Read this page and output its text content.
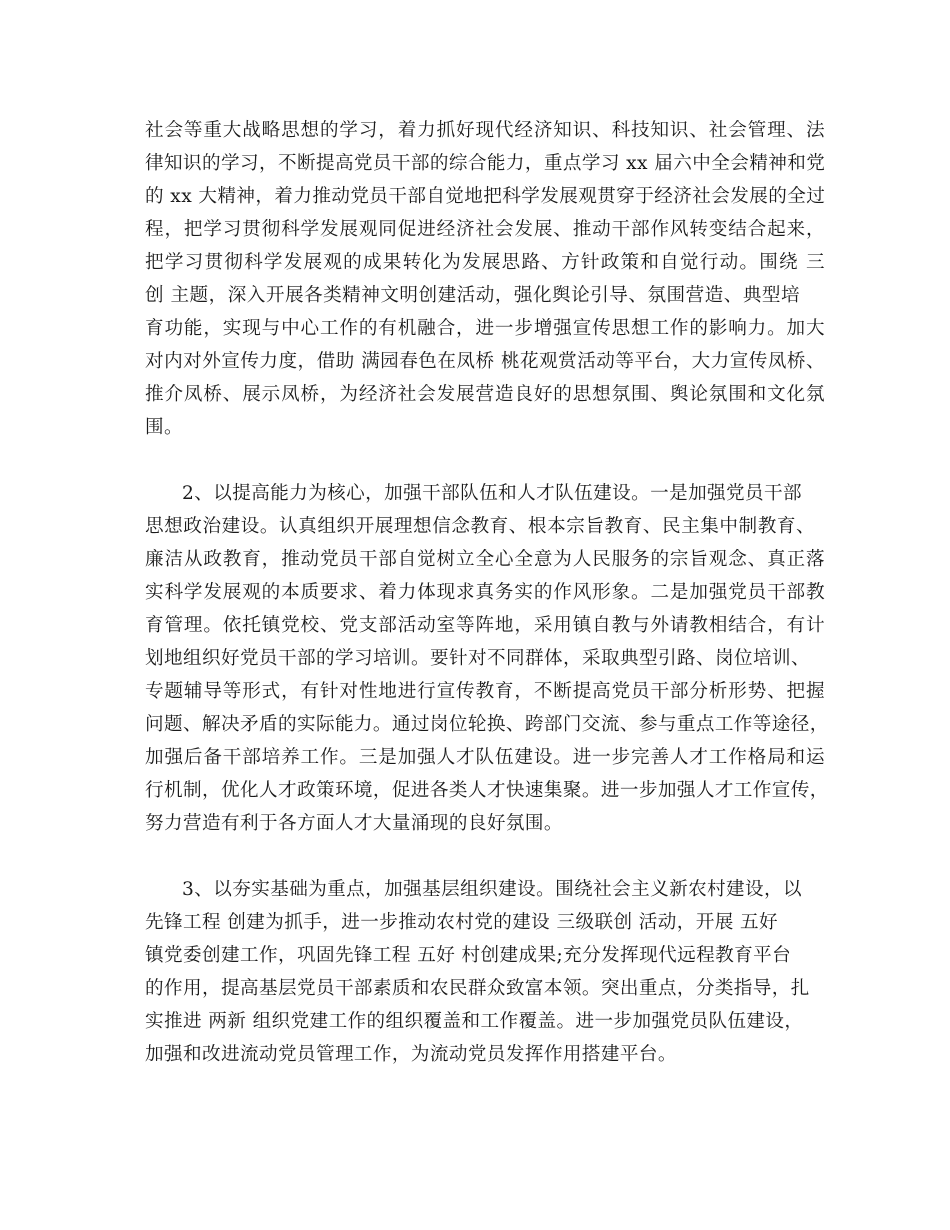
社会等重大战略思想的学习，着力抓好现代经济知识、科技知识、社会管理、法
律知识的学习，不断提高党员干部的综合能力，重点学习 xx 届六中全会精神和党
的 xx 大精神，着力推动党员干部自觉地把科学发展观贯穿于经济社会发展的全过
程，把学习贯彻科学发展观同促进经济社会发展、推动干部作风转变结合起来，
把学习贯彻科学发展观的成果转化为发展思路、方针政策和自觉行动。围绕 三
创 主题，深入开展各类精神文明创建活动，强化舆论引导、氛围营造、典型培
育功能，实现与中心工作的有机融合，进一步增强宣传思想工作的影响力。加大
对内对外宣传力度，借助 满园春色在凤桥 桃花观赏活动等平台，大力宣传凤桥、
推介凤桥、展示凤桥，为经济社会发展营造良好的思想氛围、舆论氛围和文化氛
围。
2、以提高能力为核心，加强干部队伍和人才队伍建设。一是加强党员干部
思想政治建设。认真组织开展理想信念教育、根本宗旨教育、民主集中制教育、
廉洁从政教育，推动党员干部自觉树立全心全意为人民服务的宗旨观念、真正落
实科学发展观的本质要求、着力体现求真务实的作风形象。二是加强党员干部教
育管理。依托镇党校、党支部活动室等阵地，采用镇自教与外请教相结合，有计
划地组织好党员干部的学习培训。要针对不同群体，采取典型引路、岗位培训、
专题辅导等形式，有针对性地进行宣传教育，不断提高党员干部分析形势、把握
问题、解决矛盾的实际能力。通过岗位轮换、跨部门交流、参与重点工作等途径，
加强后备干部培养工作。三是加强人才队伍建设。进一步完善人才工作格局和运
行机制，优化人才政策环境，促进各类人才快速集聚。进一步加强人才工作宣传，
努力营造有利于各方面人才大量涌现的良好氛围。
3、以夯实基础为重点，加强基层组织建设。围绕社会主义新农村建设，以
先锋工程 创建为抓手，进一步推动农村党的建设 三级联创 活动，开展 五好
镇党委创建工作，巩固先锋工程 五好 村创建成果;充分发挥现代远程教育平台
的作用，提高基层党员干部素质和农民群众致富本领。突出重点，分类指导，扎
实推进 两新 组织党建工作的组织覆盖和工作覆盖。进一步加强党员队伍建设，
加强和改进流动党员管理工作，为流动党员发挥作用搭建平台。
